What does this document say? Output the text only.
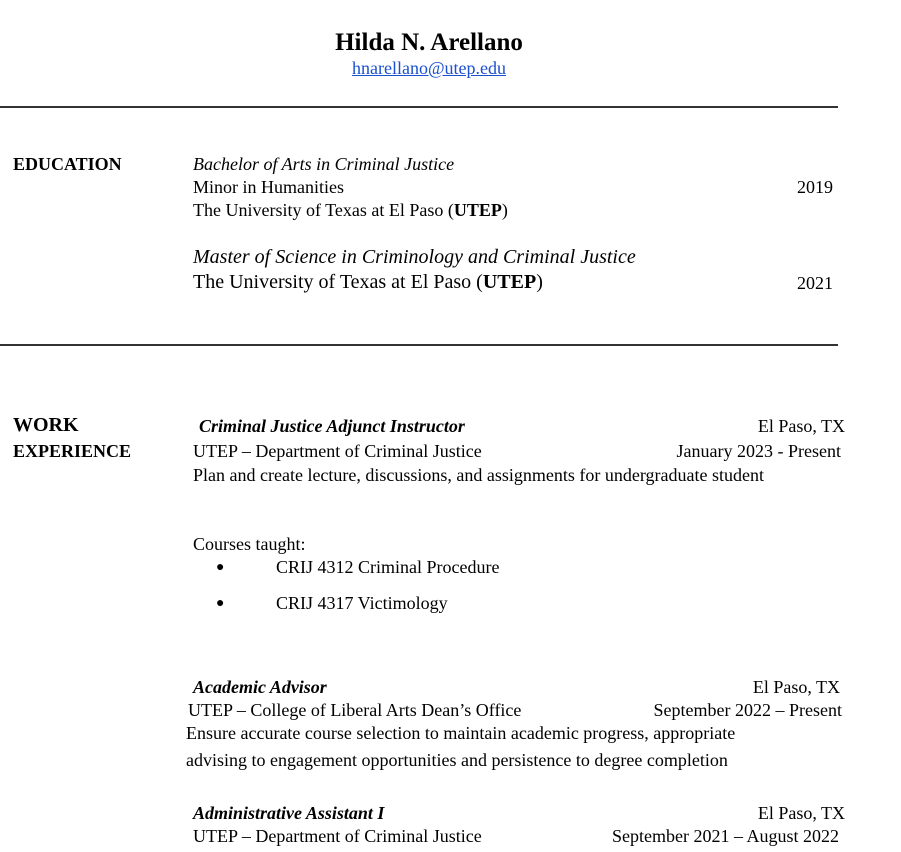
Hilda N. Arellano
hnarellano@utep.edu
EDUCATION	Bachelor of Arts in Criminal Justice
Minor in Humanities	2019
The University of Texas at El Paso (UTEP)
Master of Science in Criminology and Criminal Justice
The University of Texas at El Paso (UTEP)	2021
WORK
EXPERIENCE
Criminal Justice Adjunct Instructor	El Paso, TX
UTEP – Department of Criminal Justice	January 2023 - Present
Plan and create lecture, discussions, and assignments for undergraduate student
Courses taught:
●	CRIJ 4312 Criminal Procedure
●	CRIJ 4317 Victimology
Academic Advisor	El Paso, TX
UTEP – College of Liberal Arts Dean’s Office	September 2022 – Present
Ensure accurate course selection to maintain academic progress, appropriate
advising to engagement opportunities and persistence to degree completion
Administrative Assistant I	El Paso, TX
UTEP – Department of Criminal Justice	September 2021 – August 2022
